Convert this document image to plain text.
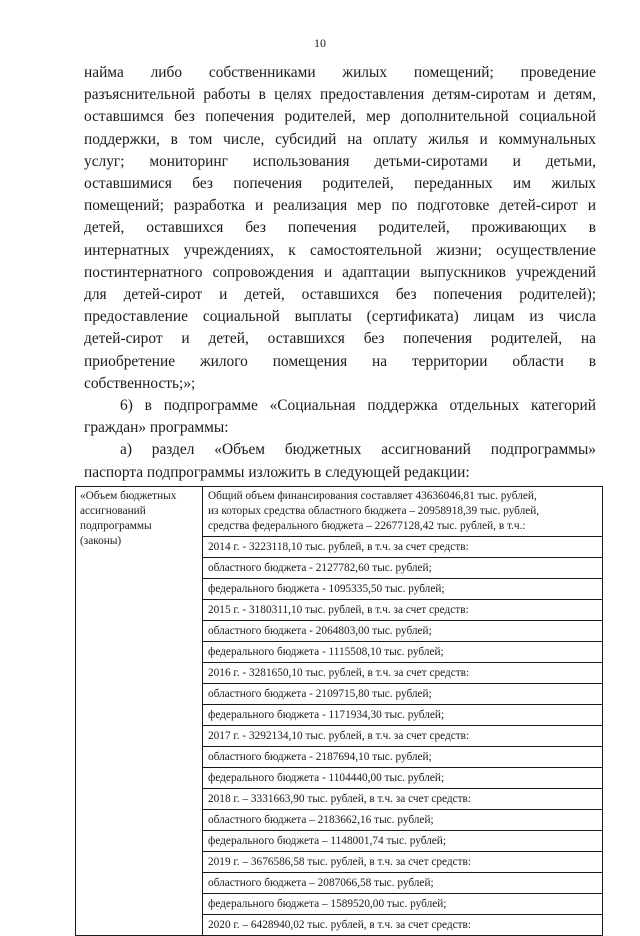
10
найма либо собственниками жилых помещений; проведение
разъяснительной работы в целях предоставления детям-сиротам и детям,
оставшимся без попечения родителей, мер дополнительной социальной
поддержки, в том числе, субсидий на оплату жилья и коммунальных
услуг; мониторинг использования детьми-сиротами и детьми,
оставшимися без попечения родителей, переданных им жилых
помещений; разработка и реализация мер по подготовке детей-сирот и
детей, оставшихся без попечения родителей, проживающих в
интернатных учреждениях, к самостоятельной жизни; осуществление
постинтернатного сопровождения и адаптации выпускников учреждений
для детей-сирот и детей, оставшихся без попечения родителей);
предоставление социальной выплаты (сертификата) лицам из числа
детей-сирот и детей, оставшихся без попечения родителей, на
приобретение жилого помещения на территории области в
собственность;»;
6) в подпрограмме «Социальная поддержка отдельных категорий
граждан» программы:
а) раздел «Объем бюджетных ассигнований подпрограммы»
паспорта подпрограммы изложить в следующей редакции:
«Объем бюджетных
ассигнований
подпрограммы
(законы)

Общий объем финансирования составляет 43636046,81 тыс. рублей,
из которых средства областного бюджета – 20958918,39 тыс. рублей,
средства федерального бюджета – 22677128,42 тыс. рублей, в т.ч.:
2014 г. - 3223118,10 тыс. рублей, в т.ч. за счет средств:
областного бюджета - 2127782,60 тыс. рублей;
федерального бюджета - 1095335,50 тыс. рублей;
2015 г. - 3180311,10 тыс. рублей, в т.ч. за счет средств:
областного бюджета - 2064803,00 тыс. рублей;
федерального бюджета - 1115508,10 тыс. рублей;
2016 г. - 3281650,10 тыс. рублей, в т.ч. за счет средств:
областного бюджета - 2109715,80 тыс. рублей;
федерального бюджета - 1171934,30 тыс. рублей;
2017 г. - 3292134,10 тыс. рублей, в т.ч. за счет средств:
областного бюджета - 2187694,10 тыс. рублей;
федерального бюджета - 1104440,00 тыс. рублей;
2018 г. – 3331663,90 тыс. рублей, в т.ч. за счет средств:
областного бюджета – 2183662,16 тыс. рублей;
федерального бюджета – 1148001,74 тыс. рублей;
2019 г. – 3676586,58 тыс. рублей, в т.ч. за счет средств:
областного бюджета – 2087066,58 тыс. рублей;
федерального бюджета – 1589520,00 тыс. рублей;
2020 г. – 6428940,02 тыс. рублей, в т.ч. за счет средств:
